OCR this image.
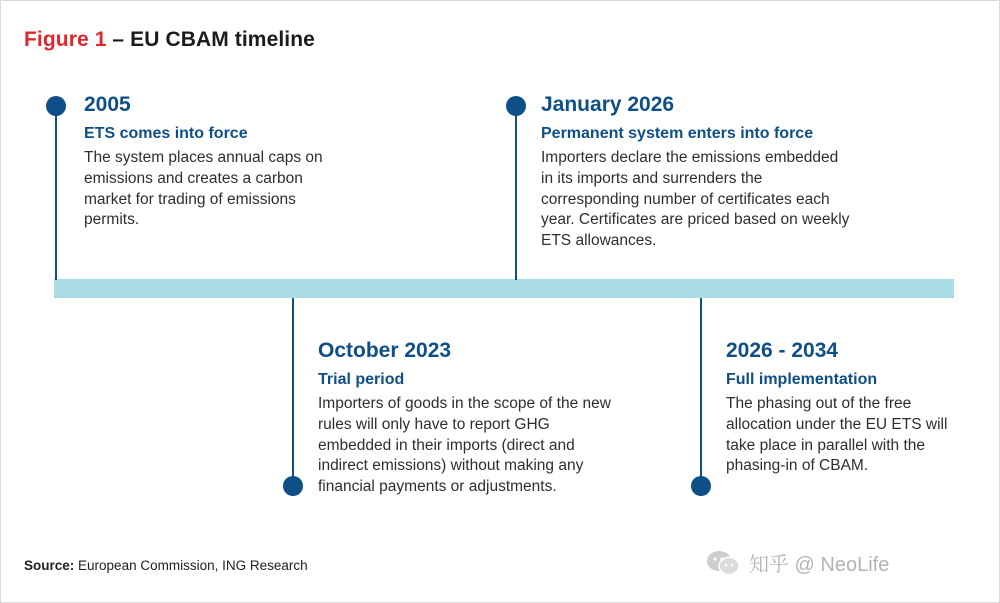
Figure 1 – EU CBAM timeline
2005
ETS comes into force
The system places annual caps on emissions and creates a carbon market for trading of emissions permits.
January 2026
Permanent system enters into force
Importers declare the emissions embedded in its imports and surrenders the corresponding number of certificates each year. Certificates are priced based on weekly ETS allowances.
October 2023
Trial period
Importers of goods in the scope of the new rules will only have to report GHG embedded in their imports (direct and indirect emissions) without making any financial payments or adjustments.
2026 - 2034
Full implementation
The phasing out of the free allocation under the EU ETS will take place in parallel with the phasing-in of CBAM.
Source: European Commission, ING Research	知乎 @ NeoLife
